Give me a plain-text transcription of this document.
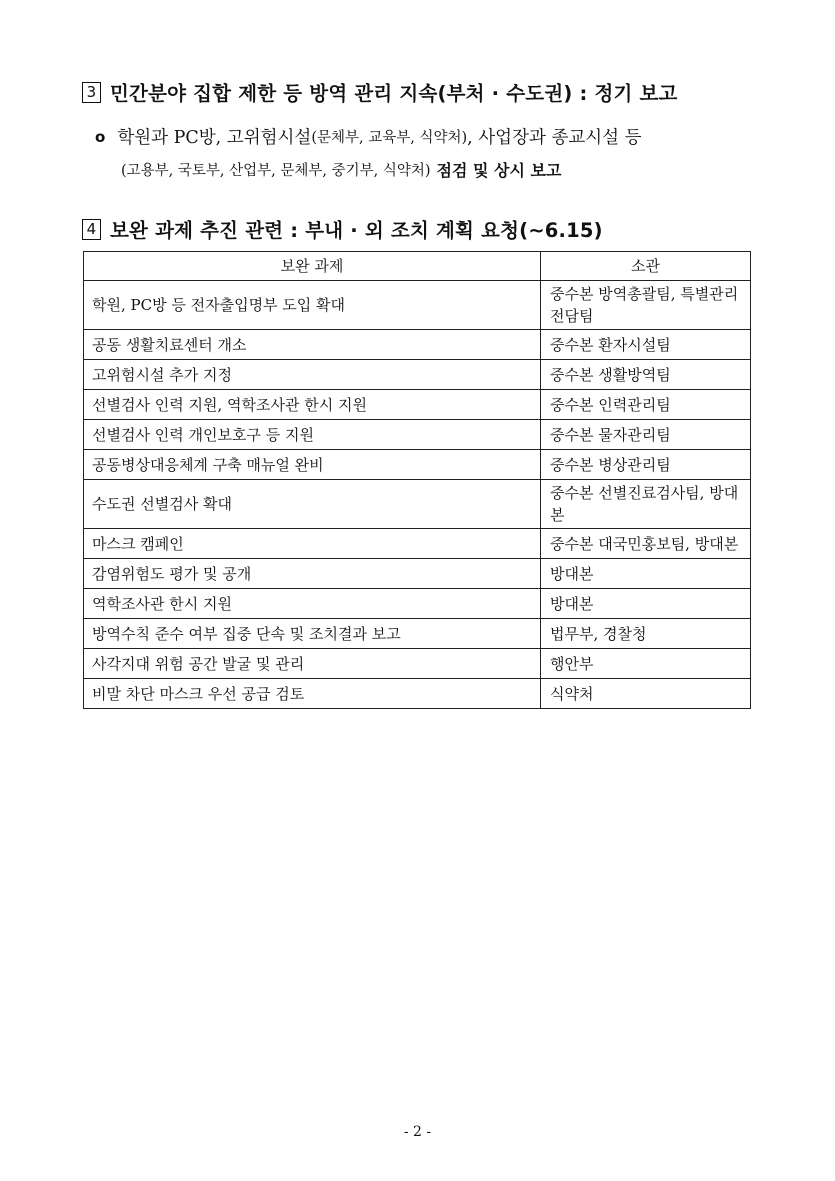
3 민간분야 집합 제한 등 방역 관리 지속(부처 · 수도권) : 정기 보고
o 학원과 PC방, 고위험시설 (문체부, 교육부, 식약처) , 사업장과 종교시설 등
(고용부, 국토부, 산업부, 문체부, 중기부, 식약처) 점검 및 상시 보고
4 보완 과제 추진 관련 : 부내 · 외 조치 계획 요청(~6.15)
보완 과제	소관
학원, PC방 등 전자출입명부 도입 확대	중수본 방역총괄팀, 특별관리전담팀
공동 생활치료센터 개소	중수본 환자시설팀
고위험시설 추가 지정	중수본 생활방역팀
선별검사 인력 지원, 역학조사관 한시 지원	중수본 인력관리팀
선별검사 인력 개인보호구 등 지원	중수본 물자관리팀
공동병상대응체계 구축 매뉴얼 완비	중수본 병상관리팀
수도권 선별검사 확대	중수본 선별진료검사팀, 방대본
마스크 캠페인	중수본 대국민홍보팀, 방대본
감염위험도 평가 및 공개	방대본
역학조사관 한시 지원	방대본
방역수칙 준수 여부 집중 단속 및 조치결과 보고	법무부, 경찰청
사각지대 위험 공간 발굴 및 관리	행안부
비말 차단 마스크 우선 공급 검토	식약처
- 2 -
